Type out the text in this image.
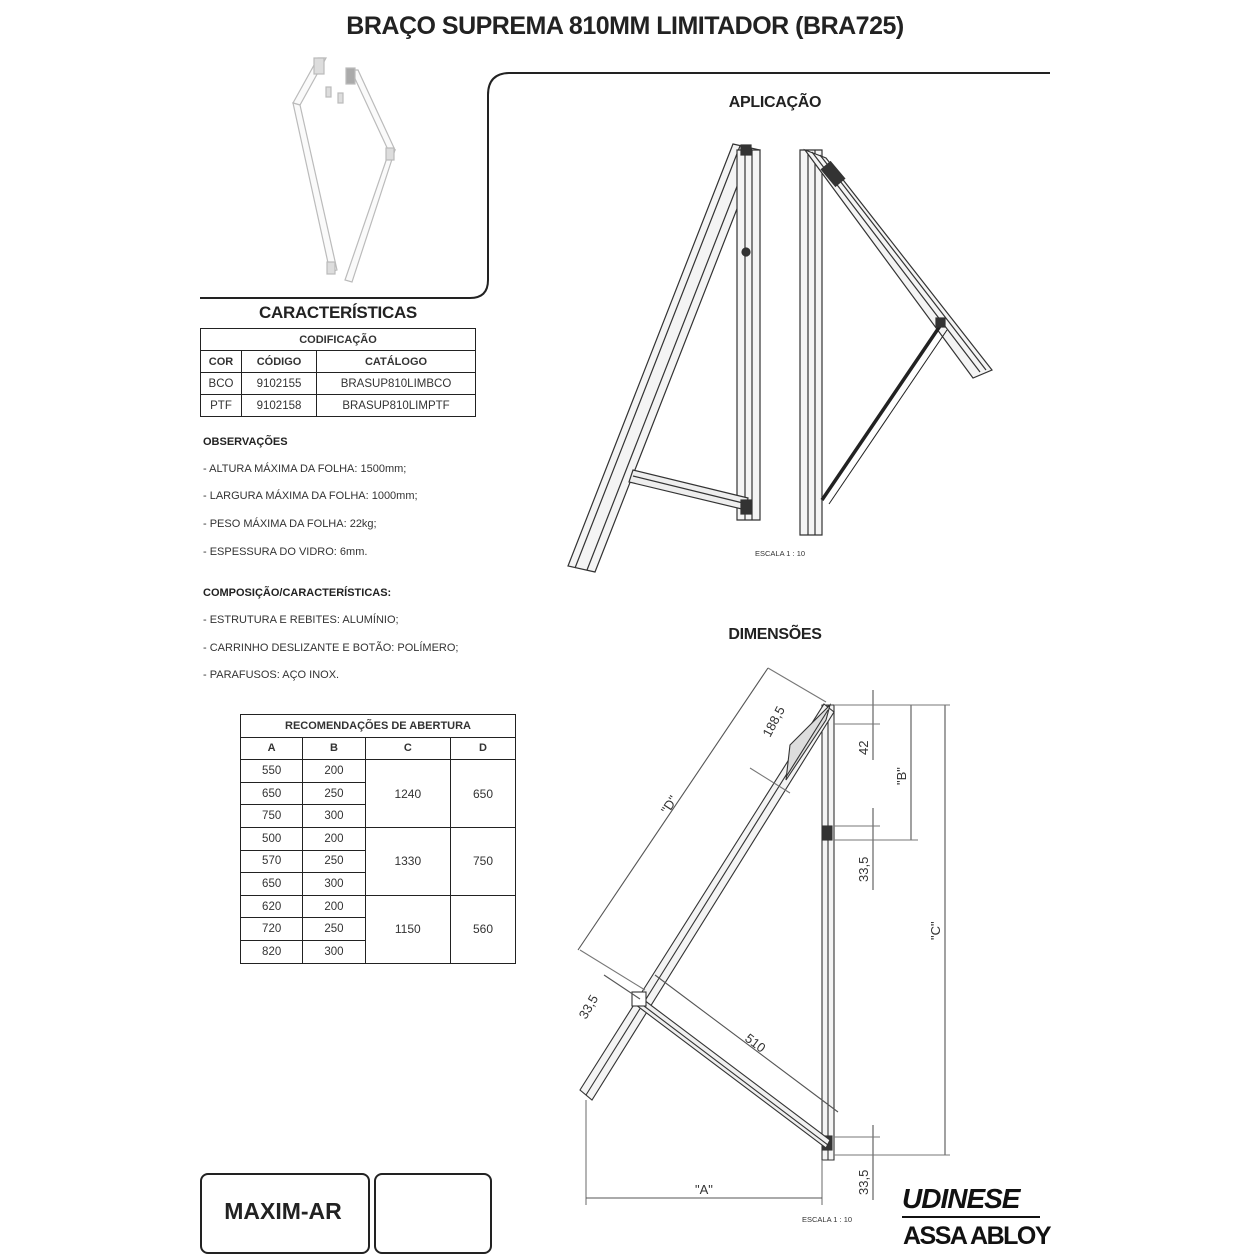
BRAÇO SUPREMA 810MM LIMITADOR (BRA725)
"D"
188,5
42
"B"
33,5
"C"
510
33,5
33,5
"A"
CARACTERÍSTICAS
APLICAÇÃO
DIMENSÕES
CODIFICAÇÃO		
COR	CÓDIGO	CATÁLOGO
BCO	9102155	BRASUP810LIMBCO
PTF	9102158	BRASUP810LIMPTF
OBSERVAÇÕES
- ALTURA MÁXIMA DA FOLHA: 1500mm;
- LARGURA MÁXIMA DA FOLHA: 1000mm;
- PESO MÁXIMA DA FOLHA: 22kg;
- ESPESSURA DO VIDRO: 6mm.
COMPOSIÇÃO/CARACTERÍSTICAS:
- ESTRUTURA E REBITES: ALUMÍNIO;
- CARRINHO DESLIZANTE E BOTÃO: POLÍMERO;
- PARAFUSOS: AÇO INOX.
RECOMENDAÇÕES DE ABERTURA			
A	B	C	D
550	200	1240	650
650	250		
750	300		
500	200	1330	750
570	250		
650	300		
620	200	1150	560
720	250		
820	300		
ESCALA 1 : 10
ESCALA 1 : 10
MAXIM-AR	UDINESE
ASSA ABLOY
